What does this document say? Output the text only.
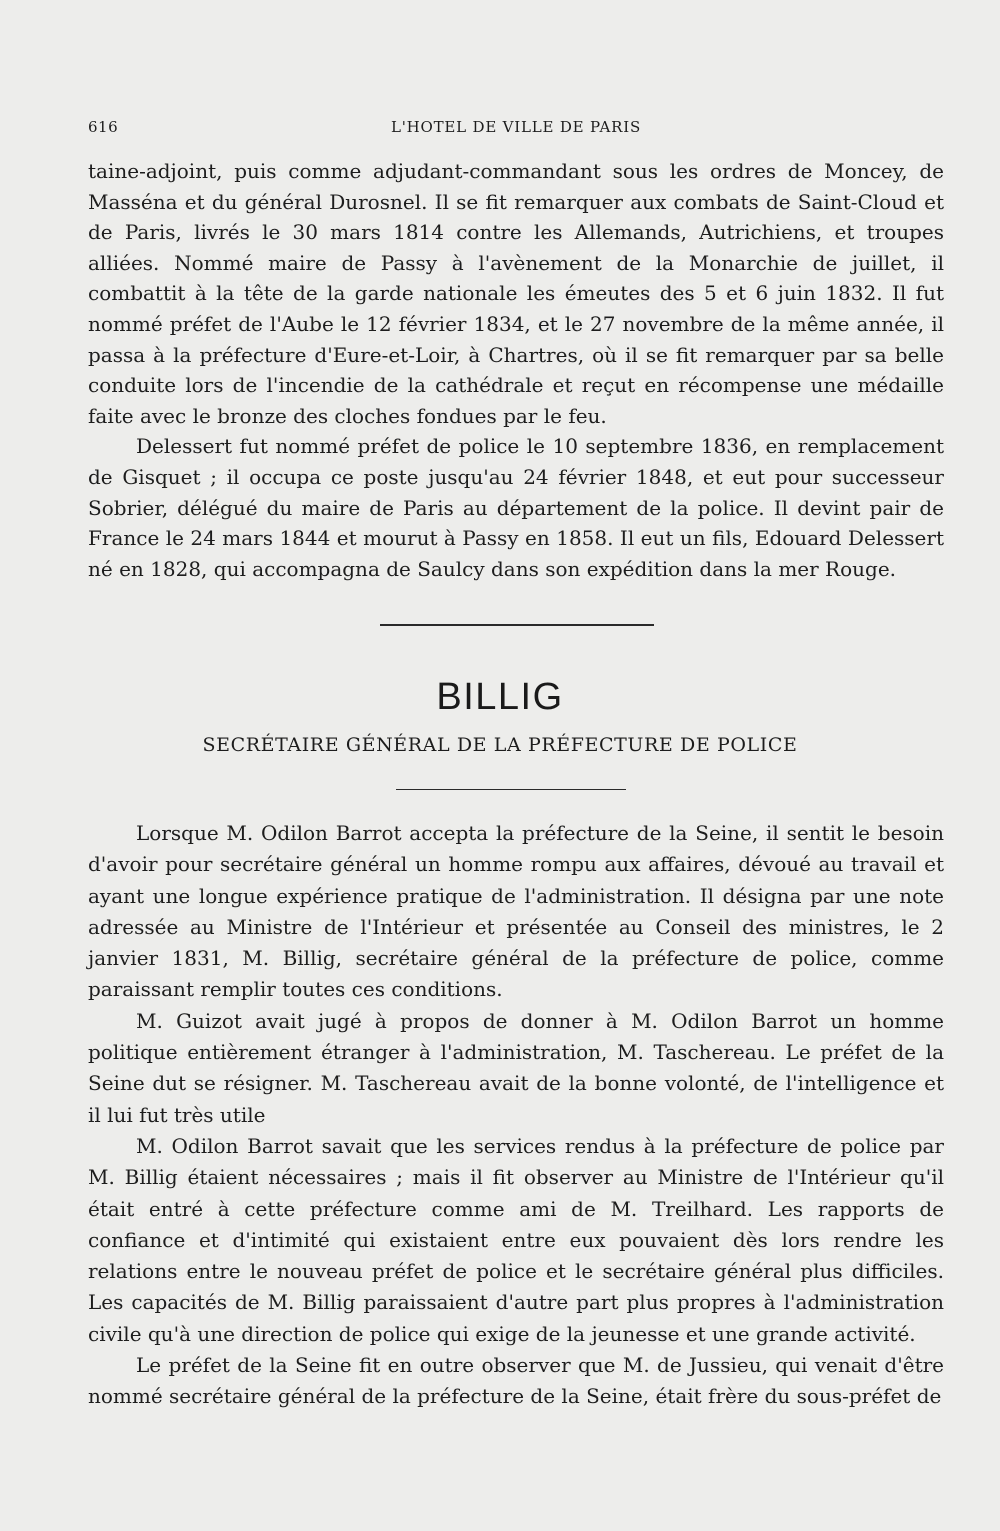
616	L'HOTEL DE VILLE DE PARIS

taine-adjoint, puis comme adjudant-commandant sous les ordres de Moncey, de Masséna et du général Durosnel. Il se fit remarquer aux combats de Saint-Cloud et de Paris, livrés le 30 mars 1814 contre les Allemands, Autrichiens, et troupes alliées. Nommé maire de Passy à l'avènement de la Monarchie de juillet, il combattit à la tête de la garde nationale les émeutes des 5 et 6 juin 1832. Il fut nommé préfet de l'Aube le 12 février 1834, et le 27 novembre de la même année, il passa à la préfecture d'Eure-et-Loir, à Chartres, où il se fit remarquer par sa belle conduite lors de l'incendie de la cathédrale et reçut en récompense une médaille faite avec le bronze des cloches fondues par le feu.

Delessert fut nommé préfet de police le 10 septembre 1836, en remplacement de Gisquet ; il occupa ce poste jusqu'au 24 février 1848, et eut pour successeur Sobrier, délégué du maire de Paris au département de la police. Il devint pair de France le 24 mars 1844 et mourut à Passy en 1858. Il eut un fils, Edouard Delessert né en 1828, qui accompagna de Saulcy dans son expédition dans la mer Rouge.

BILLIG
SECRÉTAIRE GÉNÉRAL DE LA PRÉFECTURE DE POLICE

Lorsque M. Odilon Barrot accepta la préfecture de la Seine, il sentit le besoin d'avoir pour secrétaire général un homme rompu aux affaires, dévoué au travail et ayant une longue expérience pratique de l'administration. Il désigna par une note adressée au Ministre de l'Intérieur et présentée au Conseil des ministres, le 2 janvier 1831, M. Billig, secrétaire général de la préfecture de police, comme paraissant remplir toutes ces conditions.

M. Guizot avait jugé à propos de donner à M. Odilon Barrot un homme politique entièrement étranger à l'administration, M. Taschereau. Le préfet de la Seine dut se résigner. M. Taschereau avait de la bonne volonté, de l'intelligence et il lui fut très utile

M. Odilon Barrot savait que les services rendus à la préfecture de police par M. Billig étaient nécessaires ; mais il fit observer au Ministre de l'Intérieur qu'il était entré à cette préfecture comme ami de M. Treilhard. Les rapports de confiance et d'intimité qui existaient entre eux pouvaient dès lors rendre les relations entre le nouveau préfet de police et le secrétaire général plus difficiles. Les capacités de M. Billig paraissaient d'autre part plus propres à l'administration civile qu'à une direction de police qui exige de la jeunesse et une grande activité.

Le préfet de la Seine fit en outre observer que M. de Jussieu, qui venait d'être nommé secrétaire général de la préfecture de la Seine, était frère du sous-préfet de
